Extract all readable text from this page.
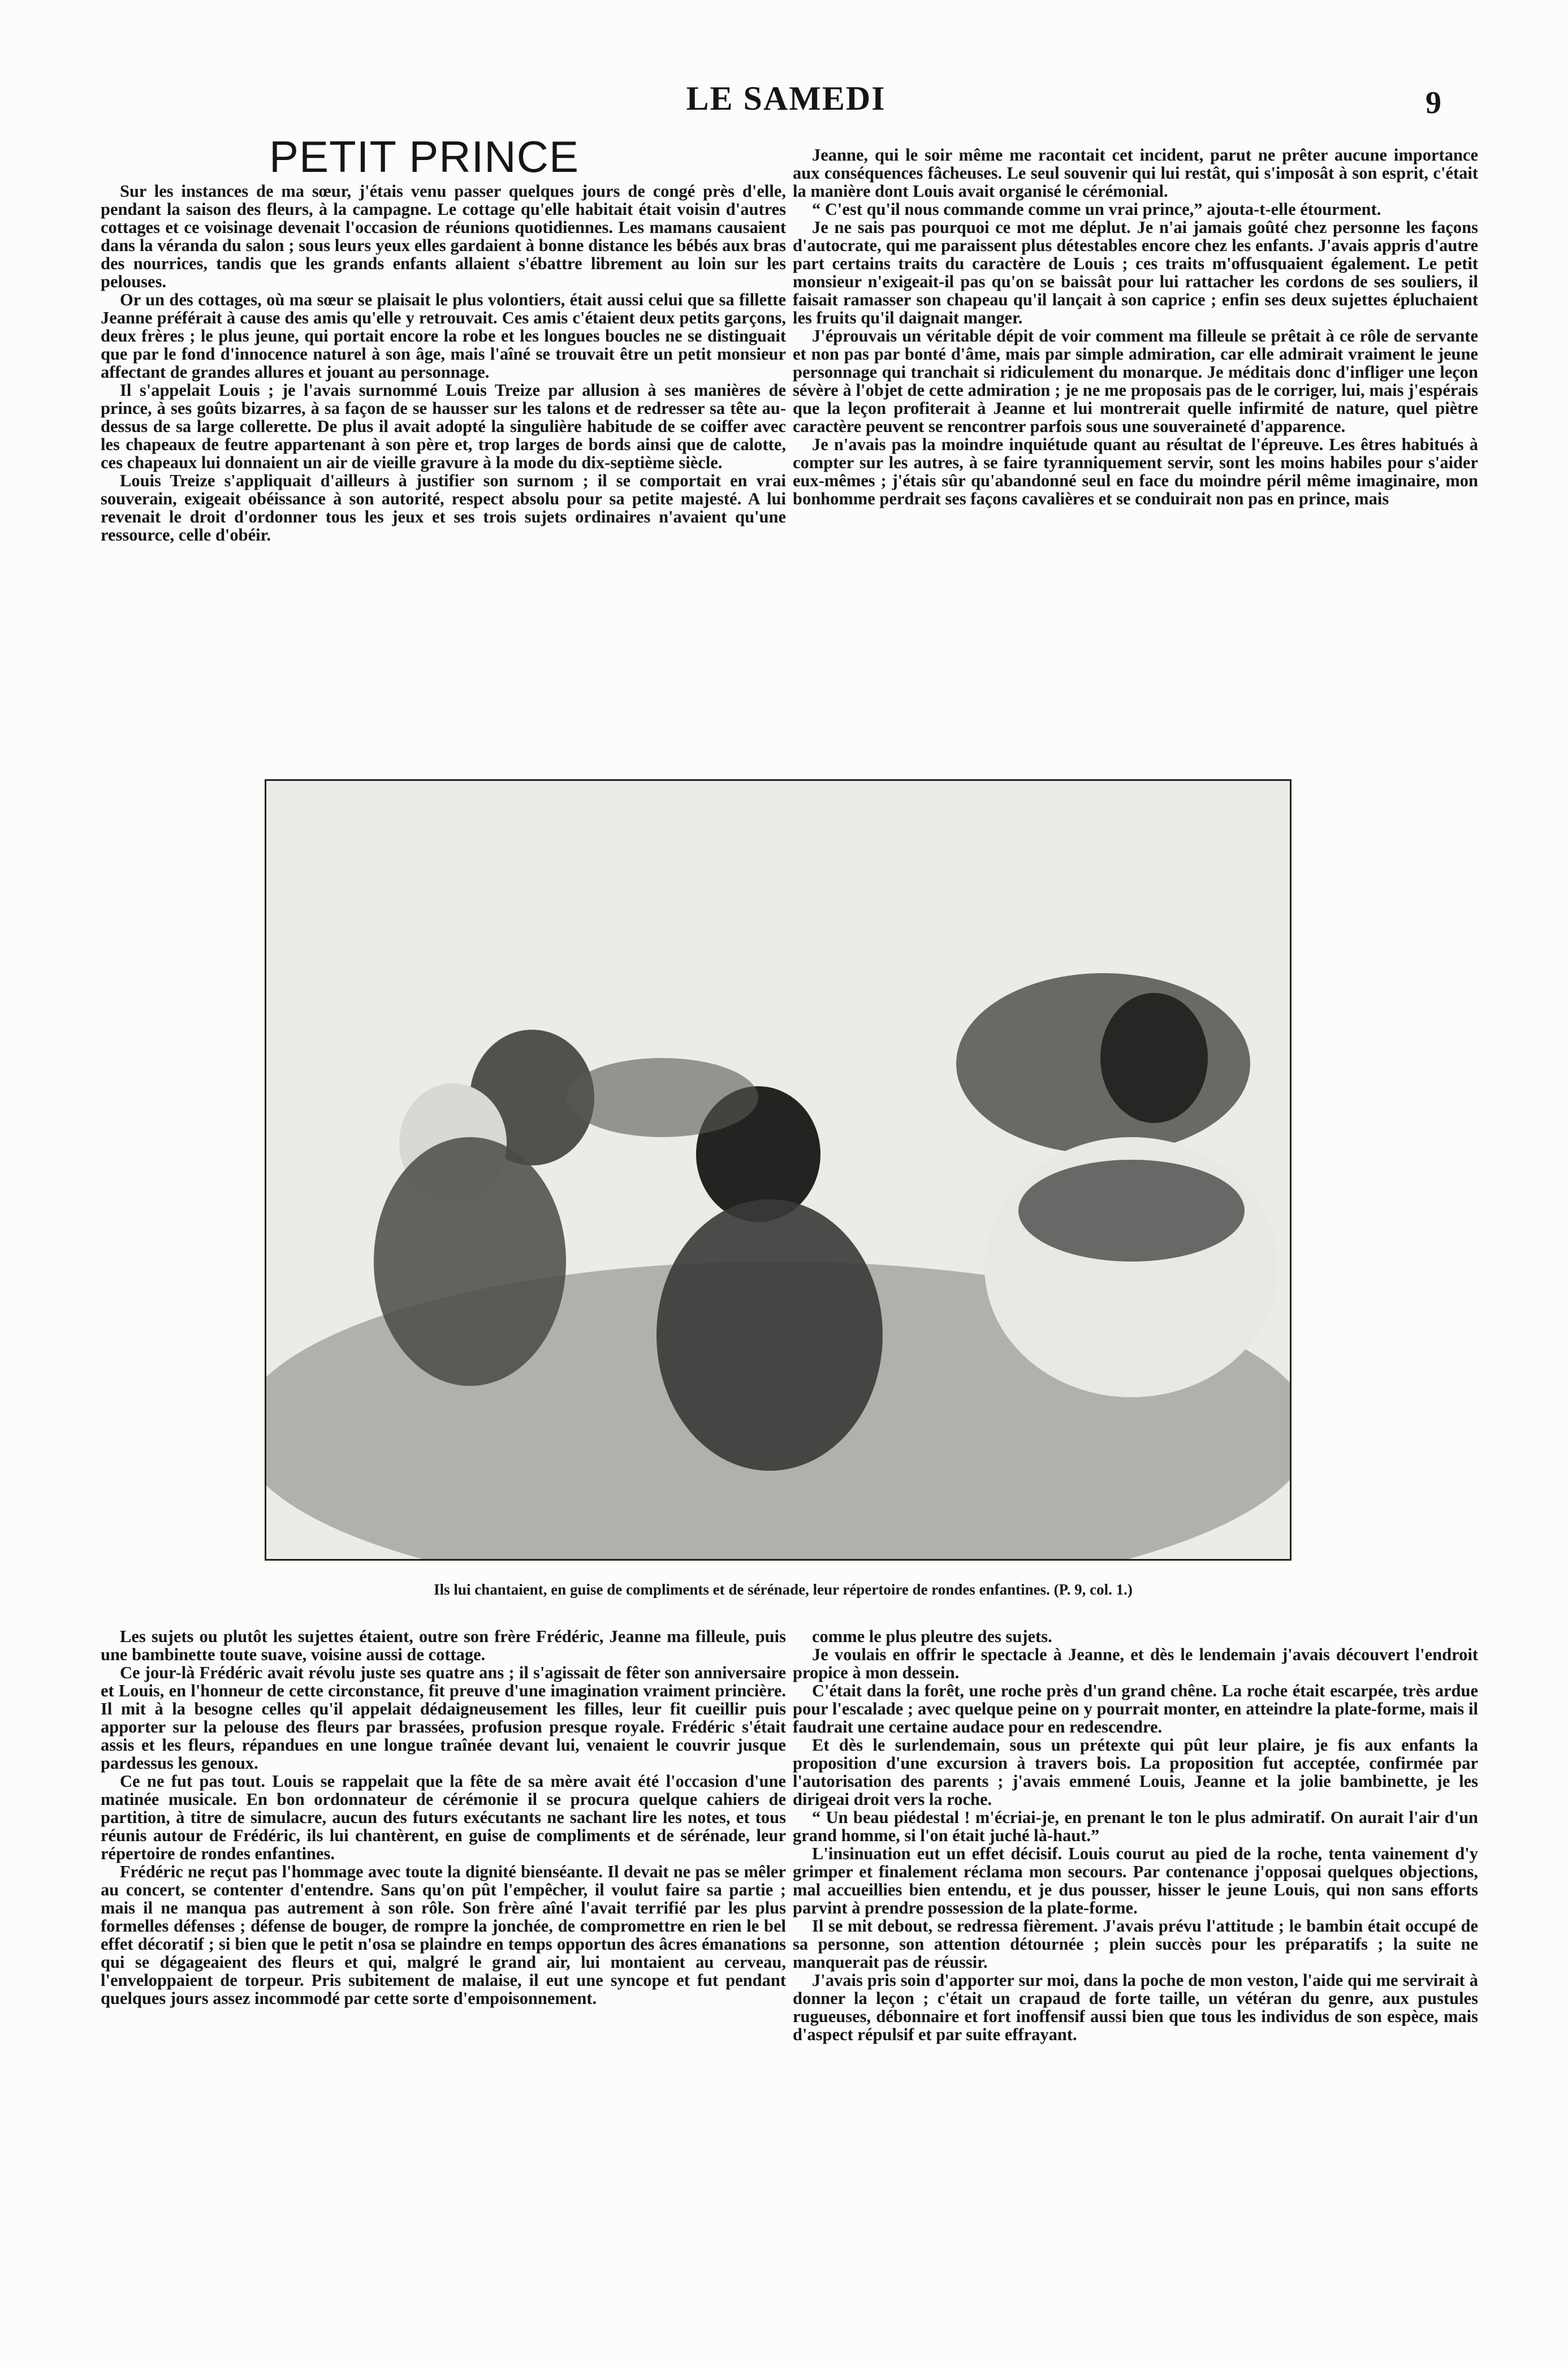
LE SAMEDI	9
PETIT PRINCE

Sur les instances de ma sœur, j'étais venu passer quelques jours de congé près d'elle, pendant la saison des fleurs, à la campagne. Le cottage qu'elle habitait était voisin d'autres cottages et ce voisinage devenait l'occasion de réunions quotidiennes. Les mamans causaient dans la véranda du salon ; sous leurs yeux elles gardaient à bonne distance les bébés aux bras des nourrices, tandis que les grands enfants allaient s'ébattre librement au loin sur les pelouses.

Or un des cottages, où ma sœur se plaisait le plus volontiers, était aussi celui que sa fillette Jeanne préférait à cause des amis qu'elle y retrouvait. Ces amis c'étaient deux petits garçons, deux frères ; le plus jeune, qui portait encore la robe et les longues boucles ne se distinguait que par le fond d'innocence naturel à son âge, mais l'aîné se trouvait être un petit monsieur affectant de grandes allures et jouant au personnage.

Il s'appelait Louis ; je l'avais surnommé Louis Treize par allusion à ses manières de prince, à ses goûts bizarres, à sa façon de se hausser sur les talons et de redresser sa tête au-dessus de sa large collerette. De plus il avait adopté la singulière habitude de se coiffer avec les chapeaux de feutre appartenant à son père et, trop larges de bords ainsi que de calotte, ces chapeaux lui donnaient un air de vieille gravure à la mode du dix-septième siècle.

Louis Treize s'appliquait d'ailleurs à justifier son surnom ; il se comportait en vrai souverain, exigeait obéissance à son autorité, respect absolu pour sa petite majesté. A lui revenait le droit d'ordonner tous les jeux et ses trois sujets ordinaires n'avaient qu'une ressource, celle d'obéir.

Jeanne, qui le soir même me racontait cet incident, parut ne prêter aucune importance aux conséquences fâcheuses. Le seul souvenir qui lui restât, qui s'imposât à son esprit, c'était la manière dont Louis avait organisé le cérémonial.

“ C'est qu'il nous commande comme un vrai prince,” ajouta-t-elle étourment.

Je ne sais pas pourquoi ce mot me déplut. Je n'ai jamais goûté chez personne les façons d'autocrate, qui me paraissent plus détestables encore chez les enfants. J'avais appris d'autre part certains traits du caractère de Louis ; ces traits m'offusquaient également. Le petit monsieur n'exigeait-il pas qu'on se baissât pour lui rattacher les cordons de ses souliers, il faisait ramasser son chapeau qu'il lançait à son caprice ; enfin ses deux sujettes épluchaient les fruits qu'il daignait manger.

J'éprouvais un véritable dépit de voir comment ma filleule se prêtait à ce rôle de servante et non pas par bonté d'âme, mais par simple admiration, car elle admirait vraiment le jeune personnage qui tranchait si ridiculement du monarque. Je méditais donc d'infliger une leçon sévère à l'objet de cette admiration ; je ne me proposais pas de le corriger, lui, mais j'espérais que la leçon profiterait à Jeanne et lui montrerait quelle infirmité de nature, quel piètre caractère peuvent se rencontrer parfois sous une souveraineté d'apparence.

Je n'avais pas la moindre inquiétude quant au résultat de l'épreuve. Les êtres habitués à compter sur les autres, à se faire tyranniquement servir, sont les moins habiles pour s'aider eux-mêmes ; j'étais sûr qu'abandonné seul en face du moindre péril même imaginaire, mon bonhomme perdrait ses façons cavalières et se conduirait non pas en prince, mais

Ils lui chantaient, en guise de compliments et de sérénade, leur répertoire de rondes enfantines. (P. 9, col. 1.)

Les sujets ou plutôt les sujettes étaient, outre son frère Frédéric, Jeanne ma filleule, puis une bambinette toute suave, voisine aussi de cottage.

Ce jour-là Frédéric avait révolu juste ses quatre ans ; il s'agissait de fêter son anniversaire et Louis, en l'honneur de cette circonstance, fit preuve d'une imagination vraiment princière. Il mit à la besogne celles qu'il appelait dédaigneusement les filles, leur fit cueillir puis apporter sur la pelouse des fleurs par brassées, profusion presque royale. Frédéric s'était assis et les fleurs, répandues en une longue traînée devant lui, venaient le couvrir jusque pardessus les genoux.

Ce ne fut pas tout. Louis se rappelait que la fête de sa mère avait été l'occasion d'une matinée musicale. En bon ordonnateur de cérémonie il se procura quelque cahiers de partition, à titre de simulacre, aucun des futurs exécutants ne sachant lire les notes, et tous réunis autour de Frédéric, ils lui chantèrent, en guise de compliments et de sérénade, leur répertoire de rondes enfantines.

Frédéric ne reçut pas l'hommage avec toute la dignité bienséante. Il devait ne pas se mêler au concert, se contenter d'entendre. Sans qu'on pût l'empêcher, il voulut faire sa partie ; mais il ne manqua pas autrement à son rôle. Son frère aîné l'avait terrifié par les plus formelles défenses ; défense de bouger, de rompre la jonchée, de compromettre en rien le bel effet décoratif ; si bien que le petit n'osa se plaindre en temps opportun des âcres émanations qui se dégageaient des fleurs et qui, malgré le grand air, lui montaient au cerveau, l'enveloppaient de torpeur. Pris subitement de malaise, il eut une syncope et fut pendant quelques jours assez incommodé par cette sorte d'empoisonnement.

comme le plus pleutre des sujets.

Je voulais en offrir le spectacle à Jeanne, et dès le lendemain j'avais découvert l'endroit propice à mon dessein.

C'était dans la forêt, une roche près d'un grand chêne. La roche était escarpée, très ardue pour l'escalade ; avec quelque peine on y pourrait monter, en atteindre la plate-forme, mais il faudrait une certaine audace pour en redescendre.

Et dès le surlendemain, sous un prétexte qui pût leur plaire, je fis aux enfants la proposition d'une excursion à travers bois. La proposition fut acceptée, confirmée par l'autorisation des parents ; j'avais emmené Louis, Jeanne et la jolie bambinette, je les dirigeai droit vers la roche.

“ Un beau piédestal ! m'écriai-je, en prenant le ton le plus admiratif. On aurait l'air d'un grand homme, si l'on était juché là-haut.”

L'insinuation eut un effet décisif. Louis courut au pied de la roche, tenta vainement d'y grimper et finalement réclama mon secours. Par contenance j'opposai quelques objections, mal accueillies bien entendu, et je dus pousser, hisser le jeune Louis, qui non sans efforts parvint à prendre possession de la plate-forme.

Il se mit debout, se redressa fièrement. J'avais prévu l'attitude ; le bambin était occupé de sa personne, son attention détournée ; plein succès pour les préparatifs ; la suite ne manquerait pas de réussir.

J'avais pris soin d'apporter sur moi, dans la poche de mon veston, l'aide qui me servirait à donner la leçon ; c'était un crapaud de forte taille, un vétéran du genre, aux pustules rugueuses, débonnaire et fort inoffensif aussi bien que tous les individus de son espèce, mais d'aspect répulsif et par suite effrayant.
